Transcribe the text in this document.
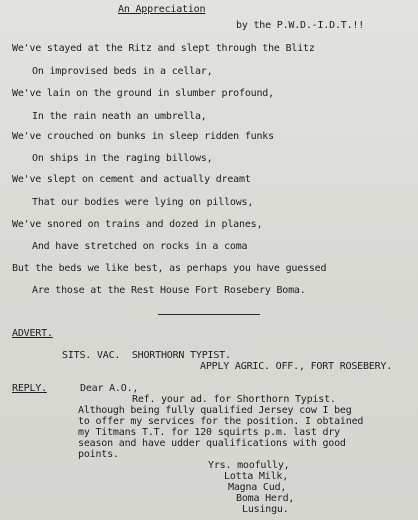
An Appreciation
by the P.W.D.-I.D.T.!!
We've stayed at the Ritz and slept through the Blitz
On improvised beds in a cellar,
We've lain on the ground in slumber profound,
In the rain neath an umbrella,
We've crouched on bunks in sleep ridden funks
On ships in the raging billows,
We've slept on cement and actually dreamt
That our bodies were lying on pillows,
We've snored on trains and dozed in planes,
And have stretched on rocks in a coma
But the beds we like best, as perhaps you have guessed
Are those at the Rest House Fort Rosebery Boma.
ADVERT.
SITS. VAC.  SHORTHORN TYPIST.
APPLY AGRIC. OFF., FORT ROSEBERY.
REPLY.	Dear A.O.,
Ref. your ad. for Shorthorn Typist.
Although being fully qualified Jersey cow I beg
to offer my services for the position. I obtained
my Titmans T.T. for 120 squirts p.m. last dry
season and have udder qualifications with good
points.
Yrs. moofully,
Lotta Milk,
Magna Cud,
Boma Herd,
Lusingu.
